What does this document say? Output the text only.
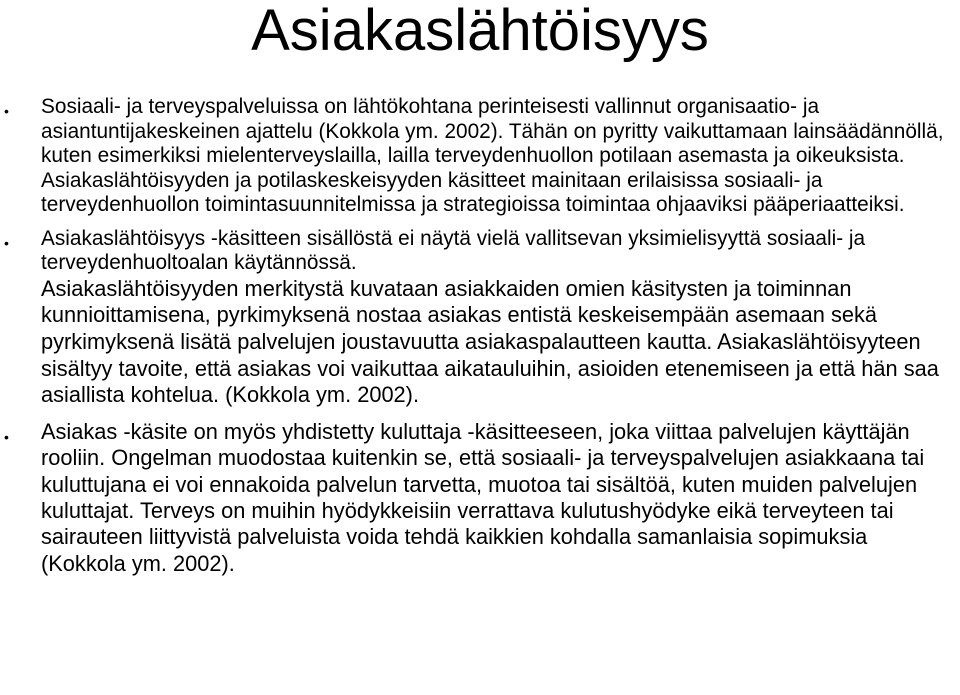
Asiakaslähtöisyys
• Sosiaali- ja terveyspalveluissa on lähtökohtana perinteisesti vallinnut organisaatio- ja asiantuntijakeskeinen ajattelu (Kokkola ym. 2002). Tähän on pyritty vaikuttamaan lainsäädännöllä, kuten esimerkiksi mielenterveyslailla, lailla terveydenhuollon potilaan asemasta ja oikeuksista. Asiakaslähtöisyyden ja potilaskeskeisyyden käsitteet mainitaan erilaisissa sosiaali- ja terveydenhuollon toimintasuunnitelmissa ja strategioissa toimintaa ohjaaviksi pääperiaatteiksi.

• Asiakaslähtöisyys -käsitteen sisällöstä ei näytä vielä vallitsevan yksimielisyyttä sosiaali- ja terveydenhuoltoalan käytännössä.

Asiakaslähtöisyyden merkitystä kuvataan asiakkaiden omien käsitysten ja toiminnan kunnioittamisena, pyrkimyksenä nostaa asiakas entistä keskeisempään asemaan sekä pyrkimyksenä lisätä palvelujen joustavuutta asiakaspalautteen kautta. Asiakaslähtöisyyteen sisältyy tavoite, että asiakas voi vaikuttaa aikatauluihin, asioiden etenemiseen ja että hän saa asiallista kohtelua. (Kokkola ym. 2002).

• Asiakas -käsite on myös yhdistetty kuluttaja -käsitteeseen, joka viittaa palvelujen käyttäjän rooliin. Ongelman muodostaa kuitenkin se, että sosiaali- ja terveyspalvelujen asiakkaana tai kuluttujana ei voi ennakoida palvelun tarvetta, muotoa tai sisältöä, kuten muiden palvelujen kuluttajat. Terveys on muihin hyödykkeisiin verrattava kulutushyödyke eikä terveyteen tai sairauteen liittyvistä palveluista voida tehdä kaikkien kohdalla samanlaisia sopimuksia (Kokkola ym. 2002).
